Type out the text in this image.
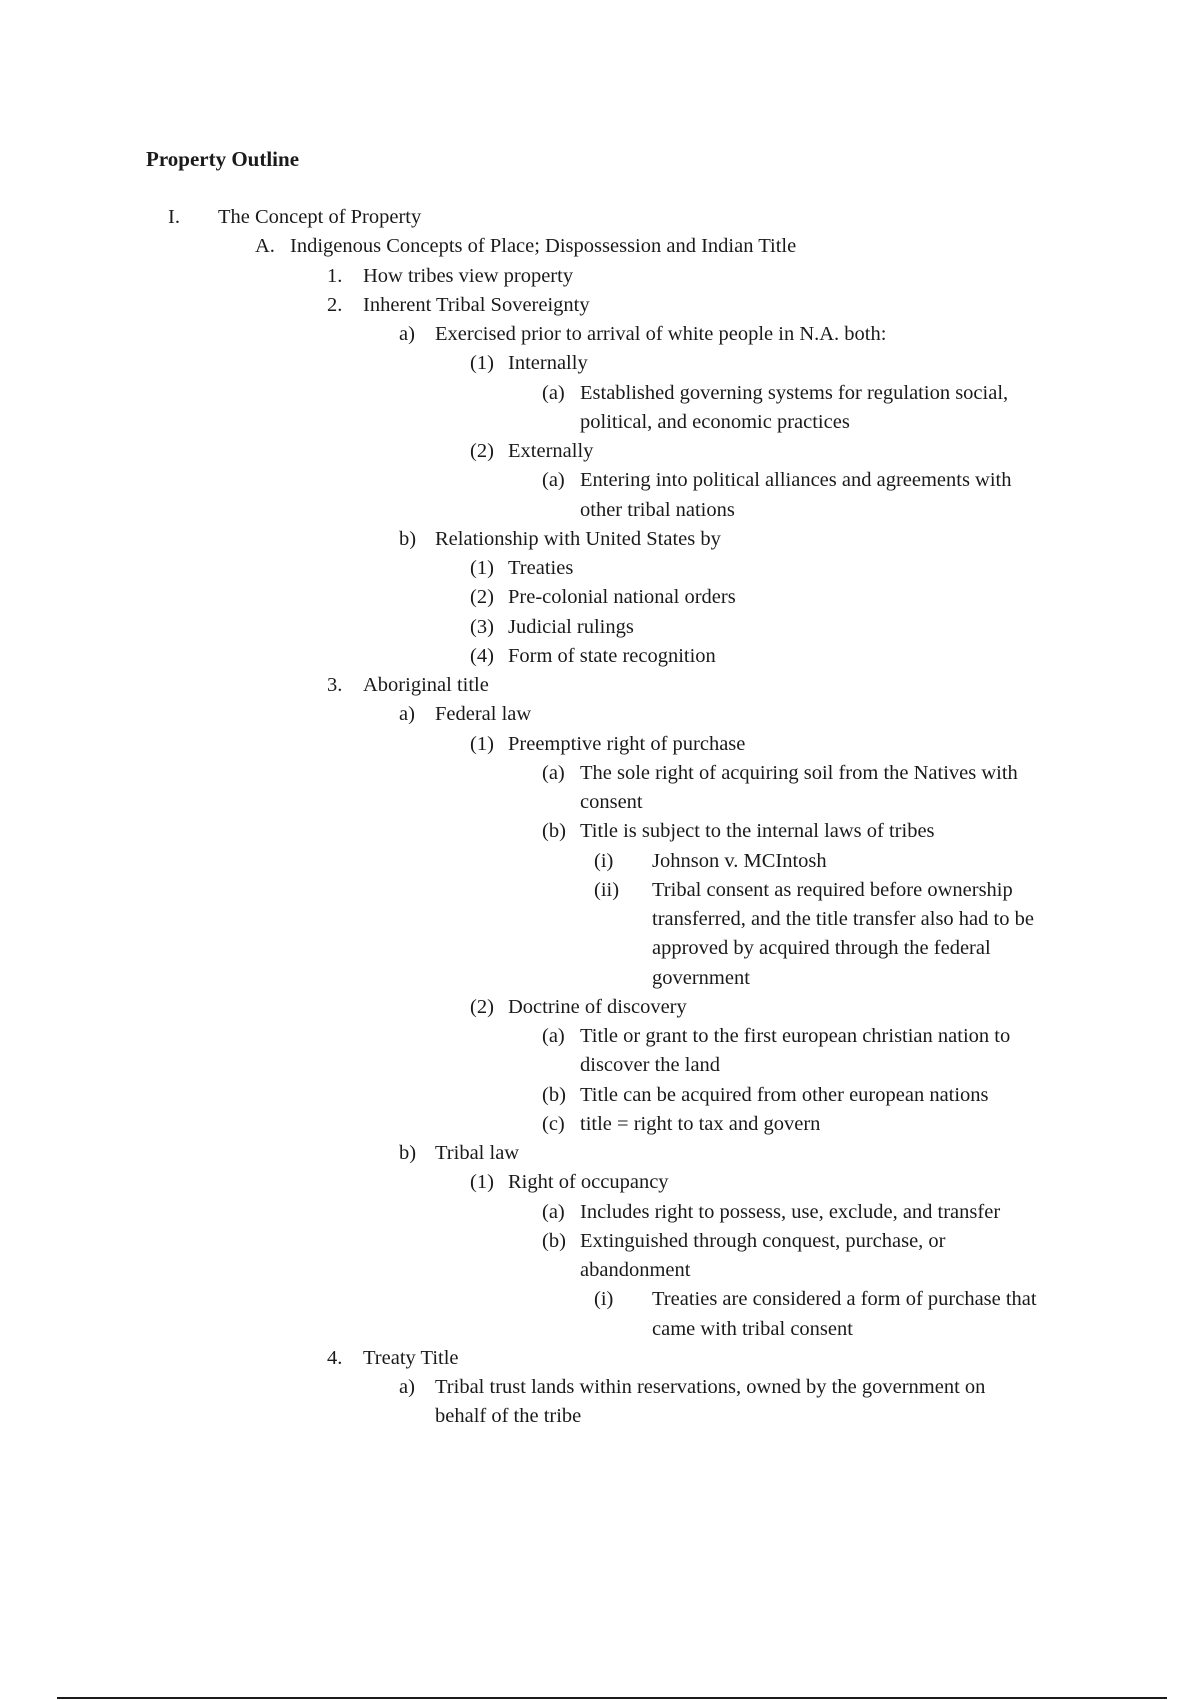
Property Outline
I. The Concept of Property
A. Indigenous Concepts of Place; Dispossession and Indian Title
1. How tribes view property
2. Inherent Tribal Sovereignty
a) Exercised prior to arrival of white people in N.A. both:
(1) Internally
(a) Established governing systems for regulation social,
political, and economic practices
(2) Externally
(a) Entering into political alliances and agreements with
other tribal nations
b) Relationship with United States by
(1) Treaties
(2) Pre-colonial national orders
(3) Judicial rulings
(4) Form of state recognition
3. Aboriginal title
a) Federal law
(1) Preemptive right of purchase
(a) The sole right of acquiring soil from the Natives with
consent
(b) Title is subject to the internal laws of tribes
(i) Johnson v. MCIntosh
(ii) Tribal consent as required before ownership
transferred, and the title transfer also had to be
approved by acquired through the federal
government
(2) Doctrine of discovery
(a) Title or grant to the first european christian nation to
discover the land
(b) Title can be acquired from other european nations
(c) title = right to tax and govern
b) Tribal law
(1) Right of occupancy
(a) Includes right to possess, use, exclude, and transfer
(b) Extinguished through conquest, purchase, or
abandonment
(i) Treaties are considered a form of purchase that
came with tribal consent
4. Treaty Title
a) Tribal trust lands within reservations, owned by the government on
behalf of the tribe
